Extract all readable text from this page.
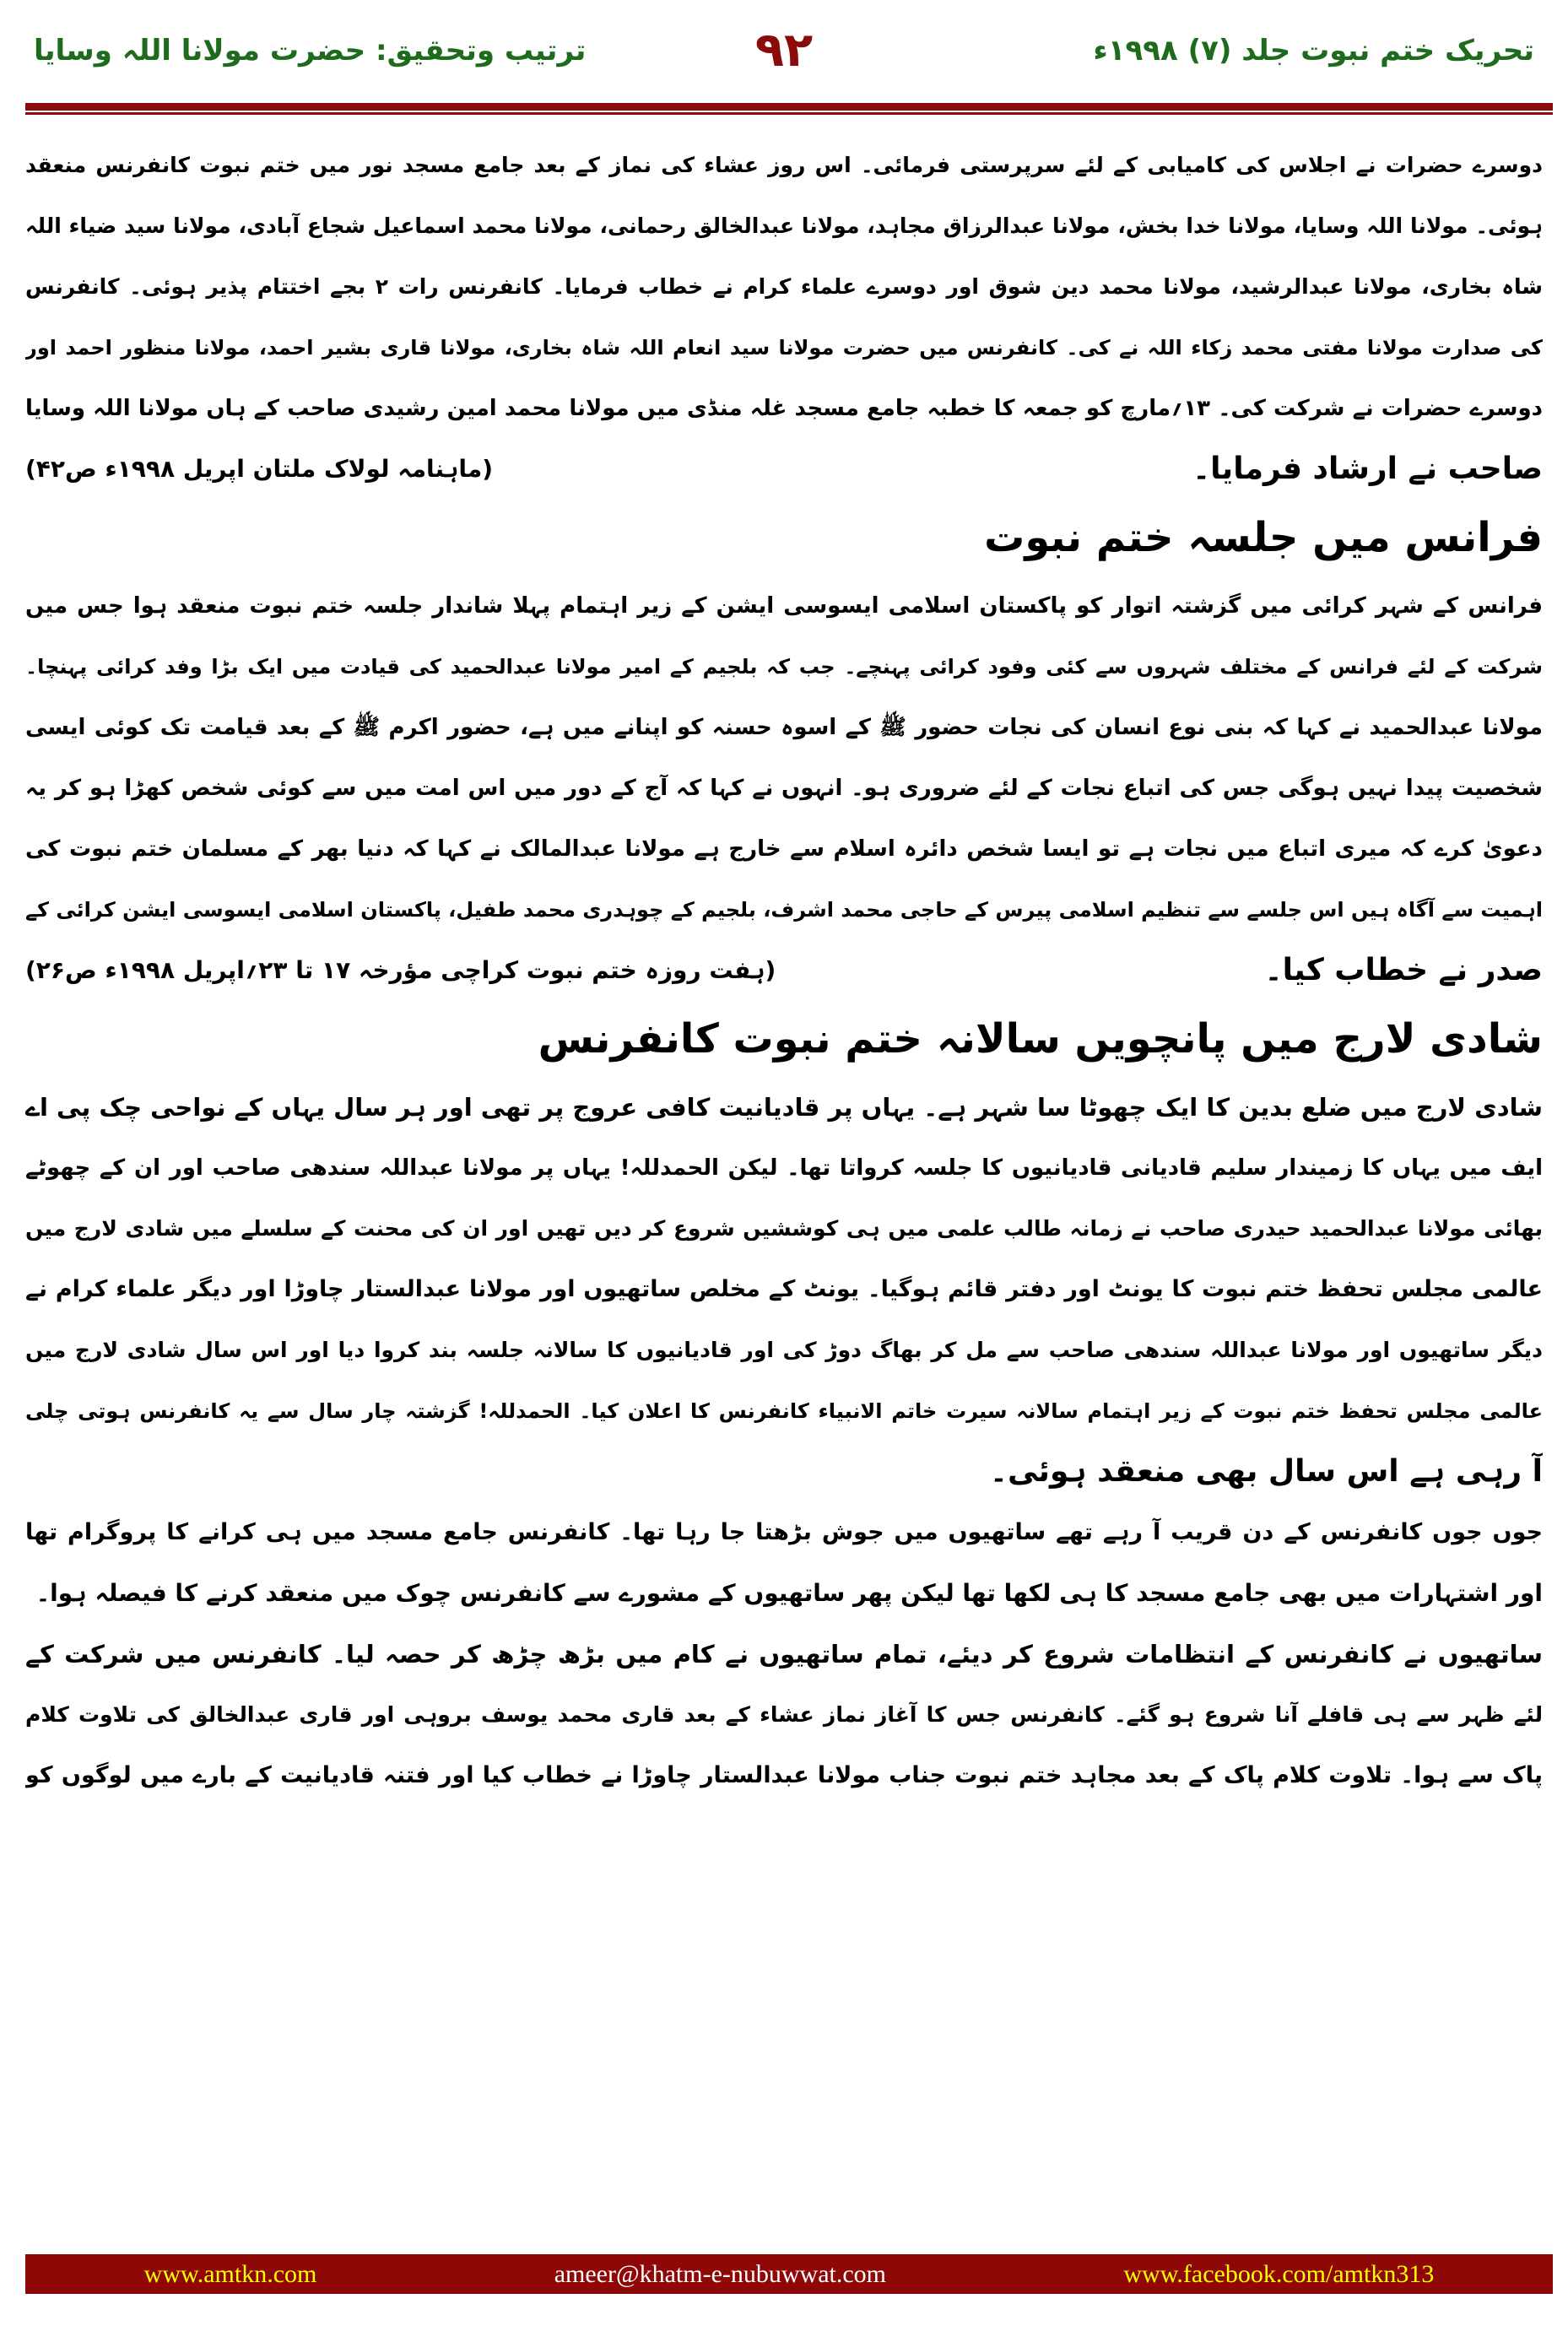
تحریک ختم نبوت جلد (۷) ۱۹۹۸ء
۹۲
ترتیب وتحقیق: حضرت مولانا اللہ وسایا
دوسرے حضرات نے اجلاس کی کامیابی کے لئے سرپرستی فرمائی۔ اس روز عشاء کی نماز کے بعد جامع مسجد نور میں ختم نبوت کانفرنس منعقد
ہوئی۔ مولانا اللہ وسایا، مولانا خدا بخش، مولانا عبدالرزاق مجاہد، مولانا عبدالخالق رحمانی، مولانا محمد اسماعیل شجاع آبادی، مولانا سید ضیاء اللہ
شاہ بخاری، مولانا عبدالرشید، مولانا محمد دین شوق اور دوسرے علماء کرام نے خطاب فرمایا۔ کانفرنس رات ۲ بجے اختتام پذیر ہوئی۔ کانفرنس
کی صدارت مولانا مفتی محمد زکاء اللہ نے کی۔ کانفرنس میں حضرت مولانا سید انعام اللہ شاہ بخاری، مولانا قاری بشیر احمد، مولانا منظور احمد اور
دوسرے حضرات نے شرکت کی۔ ۱۳؍مارچ کو جمعہ کا خطبہ جامع مسجد غلہ منڈی میں مولانا محمد امین رشیدی صاحب کے ہاں مولانا اللہ وسایا
صاحب نے ارشاد فرمایا۔
(ماہنامہ لولاک ملتان اپریل ۱۹۹۸ء ص۴۲)
فرانس میں جلسہ ختم نبوت
فرانس کے شہر کرائی میں گزشتہ اتوار کو پاکستان اسلامی ایسوسی ایشن کے زیر اہتمام پہلا شاندار جلسہ ختم نبوت منعقد ہوا جس میں
شرکت کے لئے فرانس کے مختلف شہروں سے کئی وفود کرائی پہنچے۔ جب کہ بلجیم کے امیر مولانا عبدالحمید کی قیادت میں ایک بڑا وفد کرائی پہنچا۔
مولانا عبدالحمید نے کہا کہ بنی نوع انسان کی نجات حضور ﷺ کے اسوہ حسنہ کو اپنانے میں ہے، حضور اکرم ﷺ کے بعد قیامت تک کوئی ایسی
شخصیت پیدا نہیں ہوگی جس کی اتباع نجات کے لئے ضروری ہو۔ انہوں نے کہا کہ آج کے دور میں اس امت میں سے کوئی شخص کھڑا ہو کر یہ
دعویٰ کرے کہ میری اتباع میں نجات ہے تو ایسا شخص دائرہ اسلام سے خارج ہے مولانا عبدالمالک نے کہا کہ دنیا بھر کے مسلمان ختم نبوت کی
اہمیت سے آگاہ ہیں اس جلسے سے تنظیم اسلامی پیرس کے حاجی محمد اشرف، بلجیم کے چوہدری محمد طفیل، پاکستان اسلامی ایسوسی ایشن کرائی کے
صدر نے خطاب کیا۔
(ہفت روزہ ختم نبوت کراچی مؤرخہ ۱۷ تا ۲۳؍اپریل ۱۹۹۸ء ص۲۶)
شادی لارج میں پانچویں سالانہ ختم نبوت کانفرنس
شادی لارج میں ضلع بدین کا ایک چھوٹا سا شہر ہے۔ یہاں پر قادیانیت کافی عروج پر تھی اور ہر سال یہاں کے نواحی چک پی اے
ایف میں یہاں کا زمیندار سلیم قادیانی قادیانیوں کا جلسہ کرواتا تھا۔ لیکن الحمدللہ! یہاں پر مولانا عبداللہ سندھی صاحب اور ان کے چھوٹے
بھائی مولانا عبدالحمید حیدری صاحب نے زمانہ طالب علمی میں ہی کوششیں شروع کر دیں تھیں اور ان کی محنت کے سلسلے میں شادی لارج میں
عالمی مجلس تحفظ ختم نبوت کا یونٹ اور دفتر قائم ہوگیا۔ یونٹ کے مخلص ساتھیوں اور مولانا عبدالستار چاوڑا اور دیگر علماء کرام نے
دیگر ساتھیوں اور مولانا عبداللہ سندھی صاحب سے مل کر بھاگ دوڑ کی اور قادیانیوں کا سالانہ جلسہ بند کروا دیا اور اس سال شادی لارج میں
عالمی مجلس تحفظ ختم نبوت کے زیر اہتمام سالانہ سیرت خاتم الانبیاء کانفرنس کا اعلان کیا۔ الحمدللہ! گزشتہ چار سال سے یہ کانفرنس ہوتی چلی
آ رہی ہے اس سال بھی منعقد ہوئی۔
جوں جوں کانفرنس کے دن قریب آ رہے تھے ساتھیوں میں جوش بڑھتا جا رہا تھا۔ کانفرنس جامع مسجد میں ہی کرانے کا پروگرام تھا
اور اشتہارات میں بھی جامع مسجد کا ہی لکھا تھا لیکن پھر ساتھیوں کے مشورے سے کانفرنس چوک میں منعقد کرنے کا فیصلہ ہوا۔
ساتھیوں نے کانفرنس کے انتظامات شروع کر دیئے، تمام ساتھیوں نے کام میں بڑھ چڑھ کر حصہ لیا۔ کانفرنس میں شرکت کے
لئے ظہر سے ہی قافلے آنا شروع ہو گئے۔ کانفرنس جس کا آغاز نماز عشاء کے بعد قاری محمد یوسف بروہی اور قاری عبدالخالق کی تلاوت کلام
پاک سے ہوا۔ تلاوت کلام پاک کے بعد مجاہد ختم نبوت جناب مولانا عبدالستار چاوڑا نے خطاب کیا اور فتنہ قادیانیت کے بارے میں لوگوں کو
www.amtkn.com	ameer@khatm-e-nubuwwat.com	www.facebook.com/amtkn313
